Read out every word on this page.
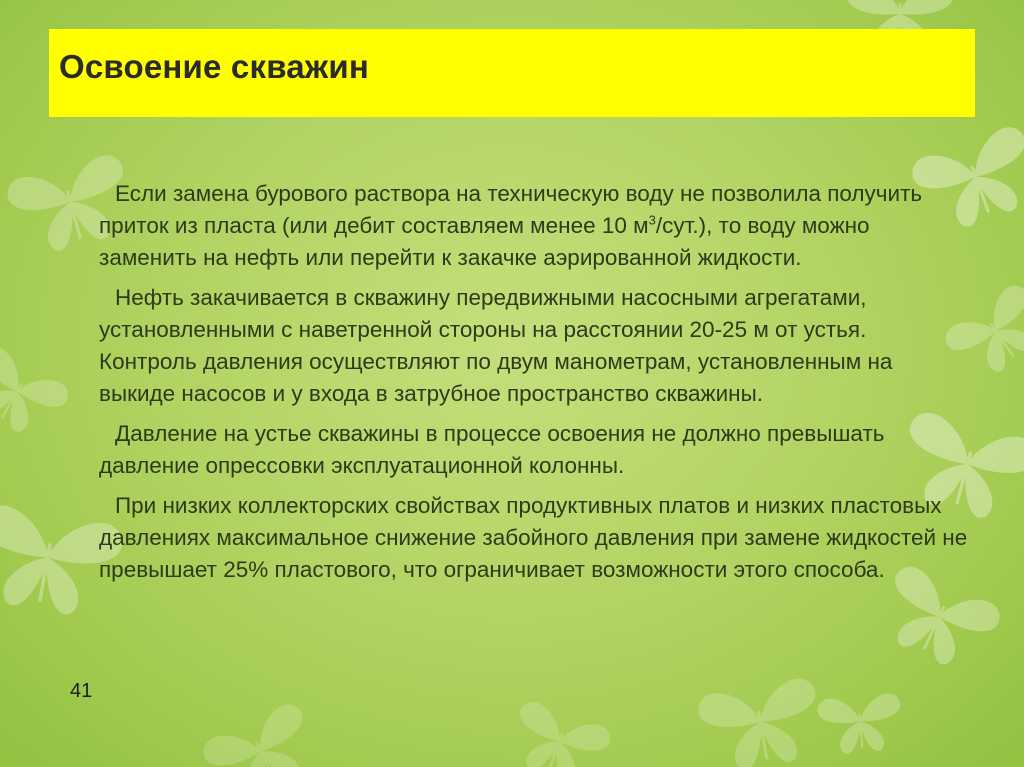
Освоение скважин

Если замена бурового раствора на техническую воду не позволила получить приток из пласта (или дебит составляем менее 10 $м^3/сут$.), то воду можно заменить на нефть или перейти к закачке аэрированной жидкости.

Нефть закачивается в скважину передвижными насосными агрегатами, установленными с наветренной стороны на расстоянии 20-25 м от устья. Контроль давления осуществляют по двум манометрам, установленным на выкиде насосов и у входа в затрубное пространство скважины.

Давление на устье скважины в процессе освоения не должно превышать давление опрессовки эксплуатационной колонны.

При низких коллекторских свойствах продуктивных платов и низких пластовых давлениях максимальное снижение забойного давления при замене жидкостей не превышает 25% пластового, что ограничивает возможности этого способа.

41
